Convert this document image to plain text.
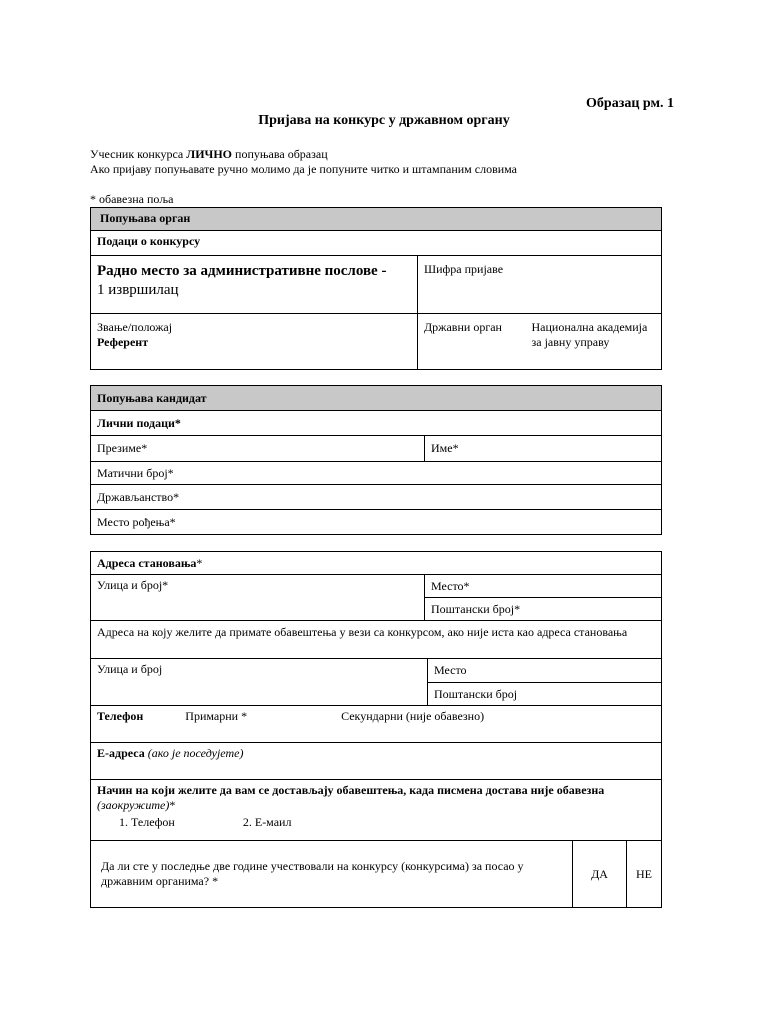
Образац рм. 1
Пријава на конкурс у државном органу
Учесник конкурса ЛИЧНО попуњава образац
Ако пријаву попуњавате ручно молимо да је попуните читко и штампаним словима
* обавезна поља
Попуњава орган		
Подаци о конкурсу		

Радно место за административне послове -
1 извршилац	Шифра пријаве	

Звање/положај
Референт	Државни орган	Национална академија за јавну управу
Попуњава кандидат
Лични подаци*
Презиме*	Име*
Матични број*
Држављанство*
Место рођења*
Адреса становања*				
Улица и број*	Место*			
	Поштански број*			
Адреса на коју желите да примате обавештења у вези са конкурсом, ако није иста као адреса становања				
Улица и број		Место		
		Поштански број		
Телефон Примарни * Секундарни (није обавезно)				
Е-адреса (ако је поседујете)				

Начин на који желите да вам се достављају обавештења, када писмена достава није обавезна
(заокружите)*
1. Телефон 2. Е-маил				

Да ли сте у последње две године учествовали на конкурсу (конкурсима) за посао у државним органима? *			ДА	НЕ
